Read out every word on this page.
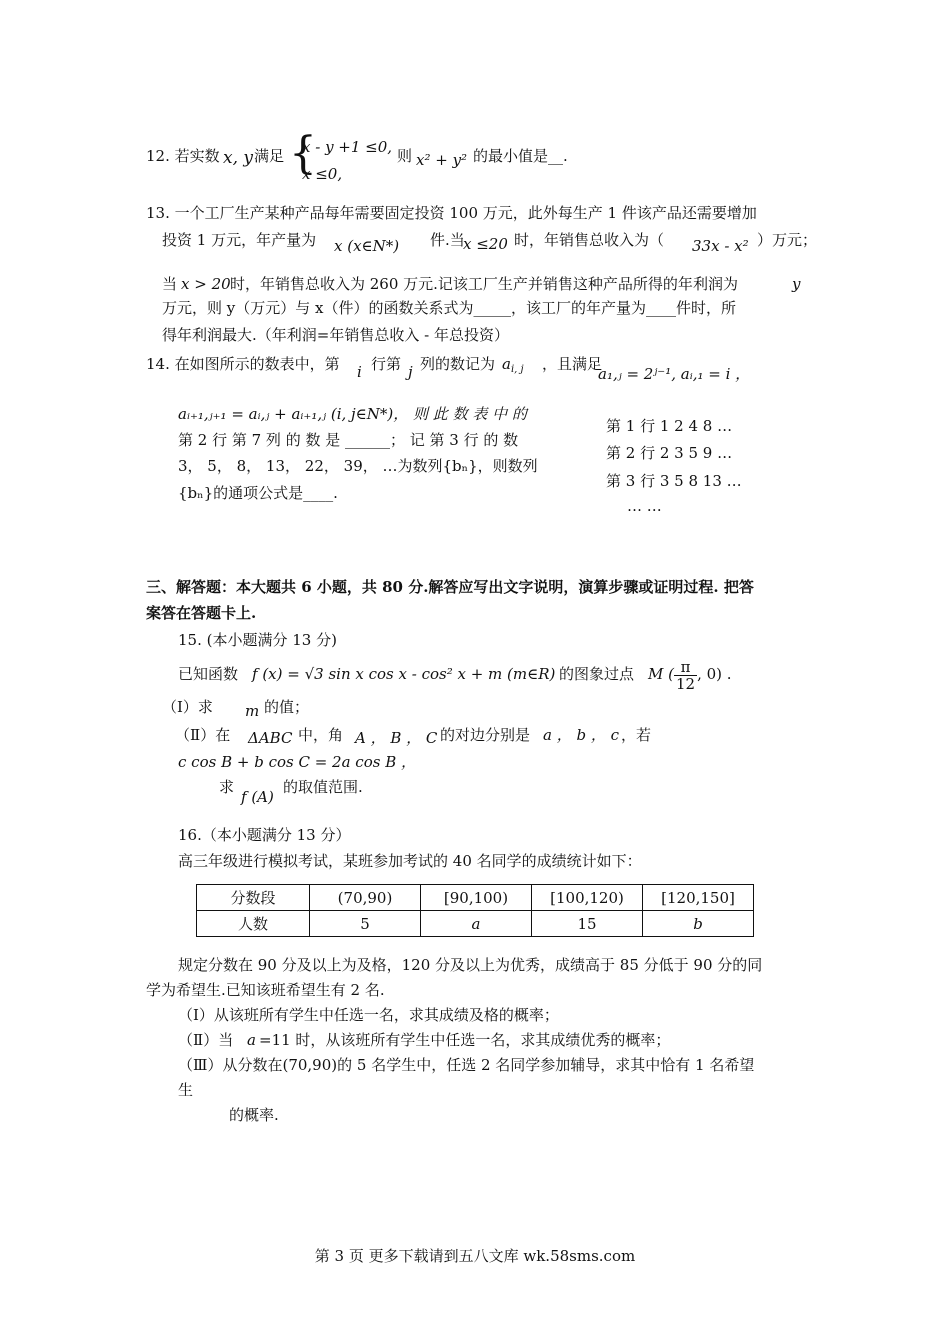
12. 若实数 x, y 满足 {
x - y +1 ≤0,
x ≤0,
则 x² + y² 的最小值是__.
13. 一个工厂生产某种产品每年需要固定投资 100 万元，此外每生产 1 件该产品还需要增加
投资 1 万元，年产量为 x (x∈N*) 件.当
x ≤20 时，年销售总收入为（ 33x - x² ）万元；
当 x > 20 时，年销售总收入为 260 万元.记该工厂生产并销售这种产品所得的年利润为	y
万元，则 y（万元）与 x（件）的函数关系式为_____，该工厂的年产量为____件时，所
得年利润最大.（年利润=年销售总收入 - 年总投资）
14. 在如图所示的数表中，第 i 行第 j 列的数记为 $a_{i, j}$ ，且满足
a₁,ⱼ = 2ʲ⁻¹, aᵢ,₁ = i ，
aᵢ₊₁,ⱼ₊₁ = aᵢ,ⱼ + aᵢ₊₁,ⱼ (i, j∈N*)， 则 此 数 表 中 的
第 2 行 第 7 列 的 数 是 ______； 记 第 3 行 的 数
3， 5， 8， 13， 22， 39， …为数列{bₙ}，则数列
{bₙ}的通项公式是____.
第 1 行 1 2 4 8 …
第 2 行 2 3 5 9 …
第 3 行 3 5 8 13 …
… …
三、解答题：本大题共 6 小题，共 80 分.解答应写出文字说明，演算步骤或证明过程. 把答
案答在答题卡上.
15. (本小题满分 13 分)
已知函数 f (x) = √3 sin x cos x - cos² x + m (m∈R) 的图象过点 M ( $\frac{\pi}{12}$ , 0) .
（Ⅰ）求 m 的值；
（Ⅱ）在 ΔABC 中，角 A ， B ， C 的对边分别是 a ， b ， c ，若
c cos B + b cos C = 2a cos B ，
求
f (A)
的取值范围.
16.（本小题满分 13 分）
高三年级进行模拟考试，某班参加考试的 40 名同学的成绩统计如下：
分数段	(70,90)	[90,100)	[100,120)	[120,150]
人数	5	a	15	b
规定分数在 90 分及以上为及格，120 分及以上为优秀，成绩高于 85 分低于 90 分的同
学为希望生.已知该班希望生有 2 名.
（Ⅰ）从该班所有学生中任选一名，求其成绩及格的概率；
（Ⅱ）当 a =11 时，从该班所有学生中任选一名，求其成绩优秀的概率；
（Ⅲ）从分数在(70,90)的 5 名学生中，任选 2 名同学参加辅导，求其中恰有 1 名希望
生
的概率.
第 3 页 更多下载请到五八文库 wk.58sms.com
